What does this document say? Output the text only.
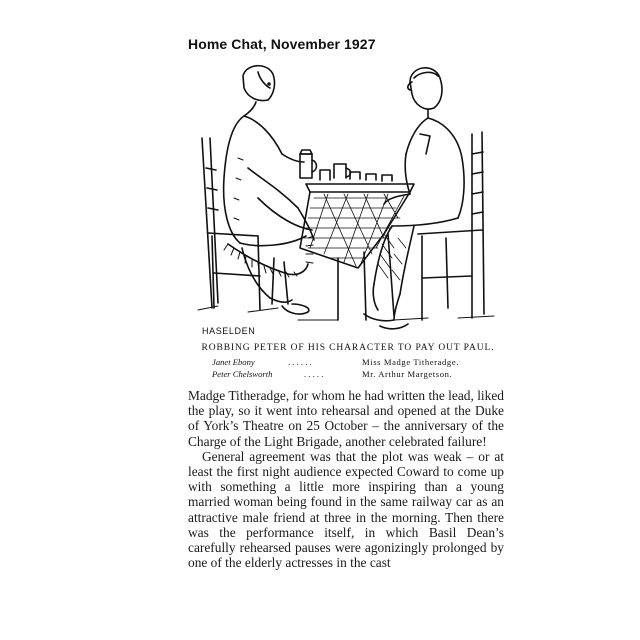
Home Chat, November 1927
HASELDEN
ROBBING PETER OF HIS CHARACTER TO PAY OUT PAUL.
Janet Ebony	. . . . . .	Miss Madge Titheradge.
Peter Chelsworth	. . . . .	Mr. Arthur Margetson.

Madge Titheradge, for whom he had written the lead, liked the play, so it went into rehearsal and opened at the Duke of York’s Theatre on 25 October – the anniversary of the Charge of the Light Brigade, another celebrated failure!

General agreement was that the plot was weak – or at least the first night audience expected Coward to come up with something a little more inspiring than a young married woman being found in the same railway car as an attractive male friend at three in the morning. Then there was the performance itself, in which Basil Dean’s carefully rehearsed pauses were agonizingly prolonged by one of the elderly actresses in the cast
